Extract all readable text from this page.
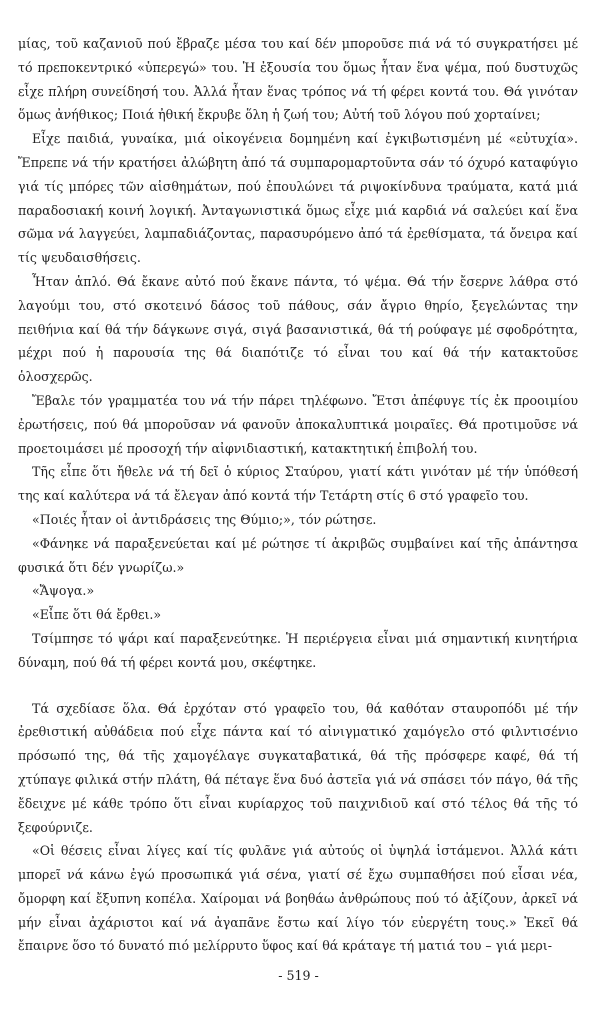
μίας, τοῦ καζανιοῦ πού ἔβραζε μέσα του καί δέν μποροῦσε πιά νά τό συγκρατήσει μέ τό πρεποκεντρικό «ὑπερεγώ» του. Ἡ ἐξουσία του ὅμως ἦταν ἕνα ψέμα, πού δυστυχῶς εἶχε πλήρη συνείδησή του. Ἀλλά ἦταν ἕνας τρόπος νά τή φέρει κοντά του. Θά γινόταν ὅμως ἀνήθικος; Ποιά ἠθική ἔκρυβε ὅλη ἡ ζωή του; Αὐτή τοῦ λόγου πού χορταίνει;

Εἶχε παιδιά, γυναίκα, μιά οἰκογένεια δομημένη καί ἐγκιβωτισμένη μέ «εὐτυχία». Ἔπρεπε νά τήν κρατήσει ἀλώβητη ἀπό τά συμπαρομαρτοῦντα σάν τό όχυρό καταφύγιο γιά τίς μπόρες τῶν αἰσθημάτων, πού ἐπουλώνει τά ριψοκίνδυνα τραύματα, κατά μιά παραδοσιακή κοινή λογική. Ἀνταγωνιστικά ὅμως εἶχε μιά καρδιά νά σαλεύει καί ἕνα σῶμα νά λαγγεύει, λαμπαδιάζοντας, παρασυρόμενο ἀπό τά ἐρεθίσματα, τά ὄνειρα καί τίς ψευδαισθήσεις.

Ἦταν ἁπλό. Θά ἔκανε αὐτό πού ἔκανε πάντα, τό ψέμα. Θά τήν ἔσερνε λάθρα στό λαγούμι του, στό σκοτεινό δάσος τοῦ πάθους, σάν ἄγριο θηρίο, ξεγελώντας την πειθήνια καί θά τήν δάγκωνε σιγά, σιγά βασανιστικά, θά τή ρούφαγε μέ σφοδρότητα, μέχρι πού ἡ παρουσία της θά διαπότιζε τό εἶναι του καί θά τήν κατακτοῦσε ὁλοσχερῶς.

Ἔβαλε τόν γραμματέα του νά τήν πάρει τηλέφωνο. Ἔτσι ἀπέφυγε τίς ἐκ προοιμίου ἐρωτήσεις, πού θά μποροῦσαν νά φανοῦν ἀποκαλυπτικά μοιραῖες. Θά προτιμοῦσε νά προετοιμάσει μέ προσοχή τήν αἰφνιδιαστική, κατακτητική ἐπιβολή του.

Τῆς εἶπε ὅτι ἤθελε νά τή δεῖ ὁ κύριος Σταύρου, γιατί κάτι γινόταν μέ τήν ὑπόθεσή της καί καλύτερα νά τά ἔλεγαν ἀπό κοντά τήν Τετάρτη στίς 6 στό γραφεῖο του.

«Ποιές ἦταν οἱ ἀντιδράσεις της Θύμιο;», τόν ρώτησε.

«Φάνηκε νά παραξενεύεται καί μέ ρώτησε τί ἀκριβῶς συμβαίνει καί τῆς ἀπάντησα φυσικά ὅτι δέν γνωρίζω.»

«Ἄψογα.»

«Εἶπε ὅτι θά ἔρθει.»

Τσίμπησε τό ψάρι καί παραξενεύτηκε. Ἡ περιέργεια εἶναι μιά σημαντική κινητήρια δύναμη, πού θά τή φέρει κοντά μου, σκέφτηκε.

Τά σχεδίασε ὅλα. Θά ἐρχόταν στό γραφεῖο του, θά καθόταν σταυροπόδι μέ τήν ἐρεθιστική αὐθάδεια πού εἶχε πάντα καί τό αἰνιγματικό χαμόγελο στό φιλντισένιο πρόσωπό της, θά τῆς χαμογέλαγε συγκαταβατικά, θά τῆς πρόσφερε καφέ, θά τή χτύπαγε φιλικά στήν πλάτη, θά πέταγε ἕνα δυό ἀστεῖα γιά νά σπάσει τόν πάγο, θά τῆς ἔδειχνε μέ κάθε τρόπο ὅτι εἶναι κυρίαρχος τοῦ παιχνιδιοῦ καί στό τέλος θά τῆς τό ξεφούρνιζε.

«Οἱ θέσεις εἶναι λίγες καί τίς φυλᾶνε γιά αὐτούς οἱ ὑψηλά ἱστάμενοι. Ἀλλά κάτι μπορεῖ νά κάνω ἐγώ προσωπικά γιά σένα, γιατί σέ ἔχω συμπαθήσει πού εἶσαι νέα, ὄμορφη καί ἔξυπνη κοπέλα. Χαίρομαι νά βοηθάω ἀνθρώπους πού τό ἀξίζουν, ἀρκεῖ νά μήν εἶναι ἀχάριστοι καί νά ἀγαπᾶνε ἔστω καί λίγο τόν εὐεργέτη τους.» Ἐκεῖ θά ἔπαιρνε ὅσο τό δυνατό πιό μελίρρυτο ὕφος καί θά κράταγε τή ματιά του – γιά μερι-

- 519 -
